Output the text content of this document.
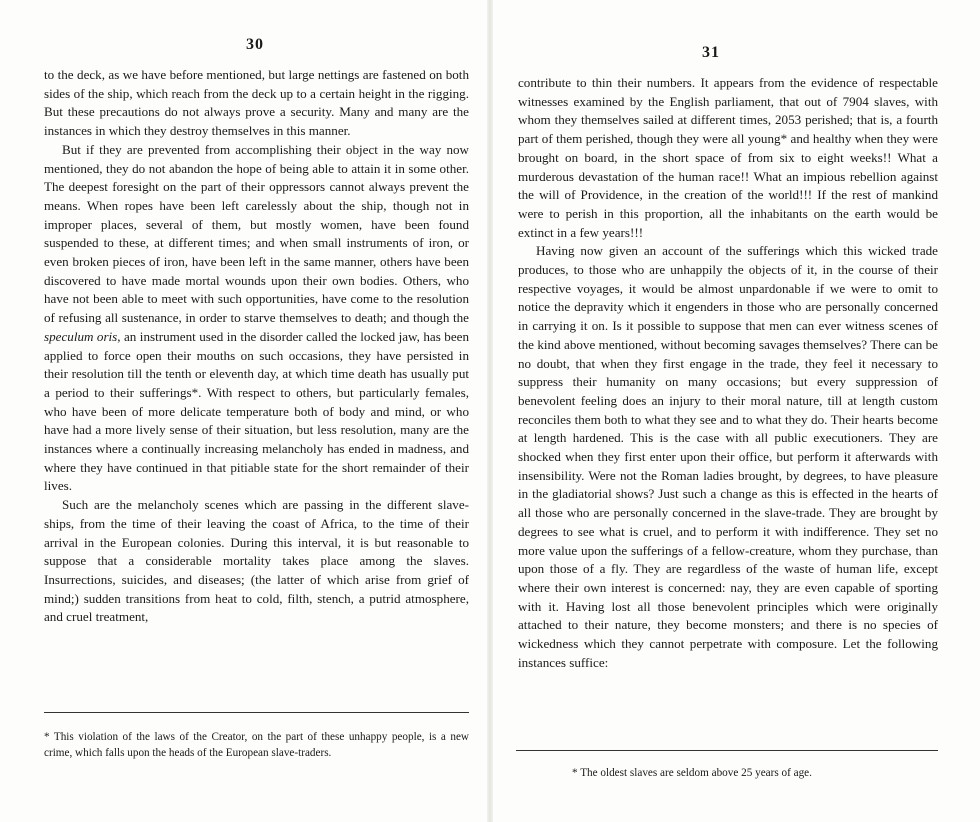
30

to the deck, as we have before mentioned, but large nettings are fastened on both sides of the ship, which reach from the deck up to a certain height in the rigging. But these precautions do not always prove a security. Many and many are the instances in which they destroy themselves in this manner.

But if they are prevented from accomplishing their object in the way now mentioned, they do not abandon the hope of being able to attain it in some other. The deepest foresight on the part of their oppressors cannot always prevent the means. When ropes have been left carelessly about the ship, though not in improper places, several of them, but mostly women, have been found suspended to these, at different times; and when small instruments of iron, or even broken pieces of iron, have been left in the same manner, others have been discovered to have made mortal wounds upon their own bodies. Others, who have not been able to meet with such opportunities, have come to the resolution of refusing all sustenance, in order to starve themselves to death; and though the speculum oris, an instrument used in the disorder called the locked jaw, has been applied to force open their mouths on such occasions, they have persisted in their resolution till the tenth or eleventh day, at which time death has usually put a period to their sufferings*. With respect to others, but particularly females, who have been of more delicate temperature both of body and mind, or who have had a more lively sense of their situation, but less resolution, many are the instances where a continually increasing melancholy has ended in madness, and where they have continued in that pitiable state for the short remainder of their lives.

Such are the melancholy scenes which are passing in the different slave-ships, from the time of their leaving the coast of Africa, to the time of their arrival in the European colonies. During this interval, it is but reasonable to suppose that a considerable mortality takes place among the slaves. Insurrections, suicides, and diseases; (the latter of which arise from grief of mind;) sudden transitions from heat to cold, filth, stench, a putrid atmosphere, and cruel treatment,

* This violation of the laws of the Creator, on the part of these unhappy people, is a new crime, which falls upon the heads of the European slave-traders.
31

contribute to thin their numbers. It appears from the evidence of respectable witnesses examined by the English parliament, that out of 7904 slaves, with whom they themselves sailed at different times, 2053 perished; that is, a fourth part of them perished, though they were all young* and healthy when they were brought on board, in the short space of from six to eight weeks!! What a murderous devastation of the human race!! What an impious rebellion against the will of Providence, in the creation of the world!!! If the rest of mankind were to perish in this proportion, all the inhabitants on the earth would be extinct in a few years!!!

Having now given an account of the sufferings which this wicked trade produces, to those who are unhappily the objects of it, in the course of their respective voyages, it would be almost unpardonable if we were to omit to notice the depravity which it engenders in those who are personally concerned in carrying it on. Is it possible to suppose that men can ever witness scenes of the kind above mentioned, without becoming savages themselves? There can be no doubt, that when they first engage in the trade, they feel it necessary to suppress their humanity on many occasions; but every suppression of benevolent feeling does an injury to their moral nature, till at length custom reconciles them both to what they see and to what they do. Their hearts become at length hardened. This is the case with all public executioners. They are shocked when they first enter upon their office, but perform it afterwards with insensibility. Were not the Roman ladies brought, by degrees, to have pleasure in the gladiatorial shows? Just such a change as this is effected in the hearts of all those who are personally concerned in the slave-trade. They are brought by degrees to see what is cruel, and to perform it with indifference. They set no more value upon the sufferings of a fellow-creature, whom they purchase, than upon those of a fly. They are regardless of the waste of human life, except where their own interest is concerned: nay, they are even capable of sporting with it. Having lost all those benevolent principles which were originally attached to their nature, they become monsters; and there is no species of wickedness which they cannot perpetrate with composure. Let the following instances suffice:

* The oldest slaves are seldom above 25 years of age.
